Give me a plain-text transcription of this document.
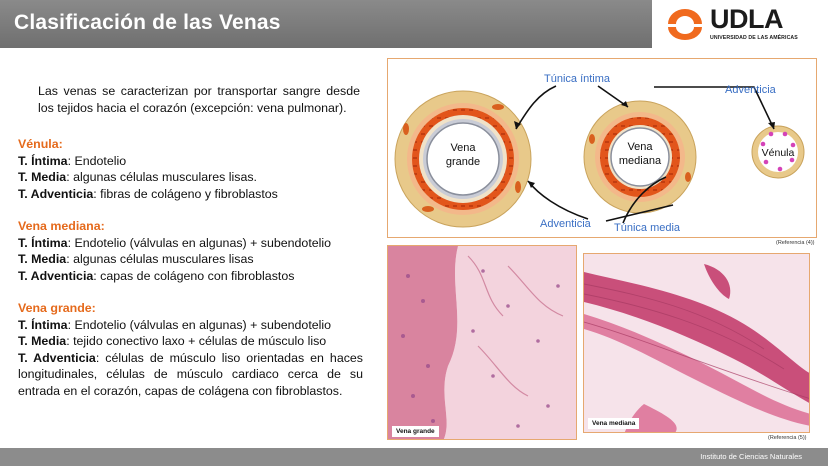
Clasificación de las Venas	UDLA
UNIVERSIDAD DE LAS AMÉRICAS
Las venas se caracterizan por transportar sangre desde los tejidos hacia el corazón (excepción: vena pulmonar).

Vénula:

T. Íntima: Endotelio

T. Media: algunas células musculares lisas.

T. Adventicia: fibras de colágeno y fibroblastos

Vena mediana:

T. Íntima: Endotelio (válvulas en algunas) + subendotelio

T. Media: algunas células musculares lisas

T. Adventicia: capas de colágeno con fibroblastos

Vena grande:

T. Íntima: Endotelio (válvulas en algunas) + subendotelio

T. Media: tejido conectivo laxo + células de músculo liso

T. Adventicia: células de músculo liso orientadas en haces longitudinales, células de músculo cardiaco cerca de su entrada en el corazón, capas de colágena con fibroblastos.

Túnica íntima
Adventicia
Vena
grande
Vena
mediana
Vénula
Adventicia Túnica media
(Referencia (4))
Vena grande
Vena mediana
(Referencia (5))
Instituto de Ciencias Naturales
